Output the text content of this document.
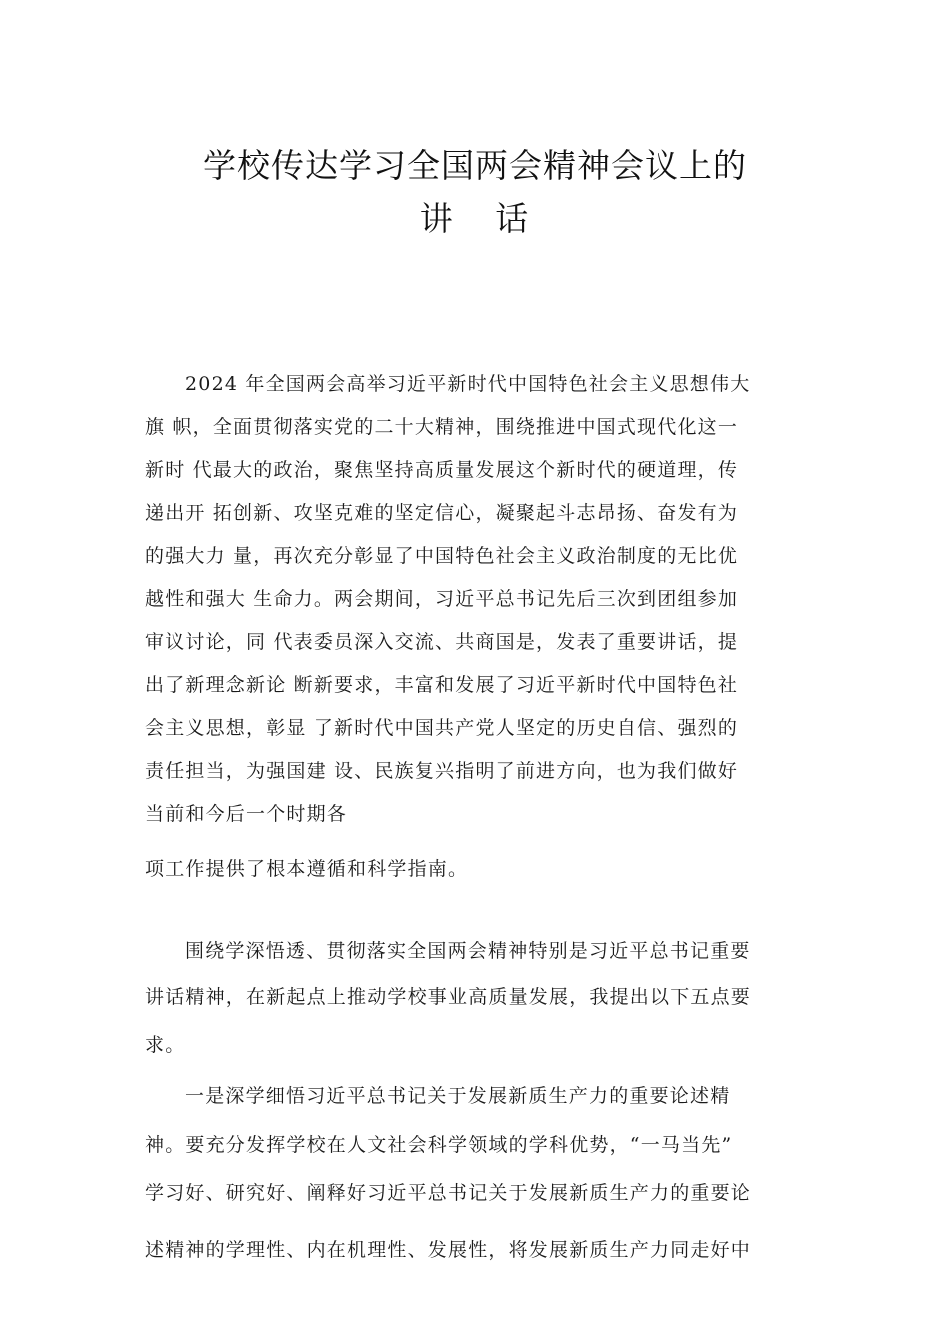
学校传达学习全国两会精神会议上的
讲 话
2024 年全国两会高举习近平新时代中国特色社会主义思想伟大
旗 帜，全面贯彻落实党的二十大精神，围绕推进中国式现代化这一
新时 代最大的政治，聚焦坚持高质量发展这个新时代的硬道理，传
递出开 拓创新、攻坚克难的坚定信心，凝聚起斗志昂扬、奋发有为
的强大力 量，再次充分彰显了中国特色社会主义政治制度的无比优
越性和强大 生命力。两会期间，习近平总书记先后三次到团组参加
审议讨论，同 代表委员深入交流、共商国是，发表了重要讲话，提
出了新理念新论 断新要求，丰富和发展了习近平新时代中国特色社
会主义思想，彰显 了新时代中国共产党人坚定的历史自信、强烈的
责任担当，为强国建 设、民族复兴指明了前进方向，也为我们做好
当前和今后一个时期各
项工作提供了根本遵循和科学指南。
围绕学深悟透、贯彻落实全国两会精神特别是习近平总书记重要
讲话精神，在新起点上推动学校事业高质量发展，我提出以下五点要
求。
一是深学细悟习近平总书记关于发展新质生产力的重要论述精
神。要充分发挥学校在人文社会科学领域的学科优势，“一马当先”
学习好、研究好、阐释好习近平总书记关于发展新质生产力的重要论
述精神的学理性、内在机理性、发展性，将发展新质生产力同走好中
